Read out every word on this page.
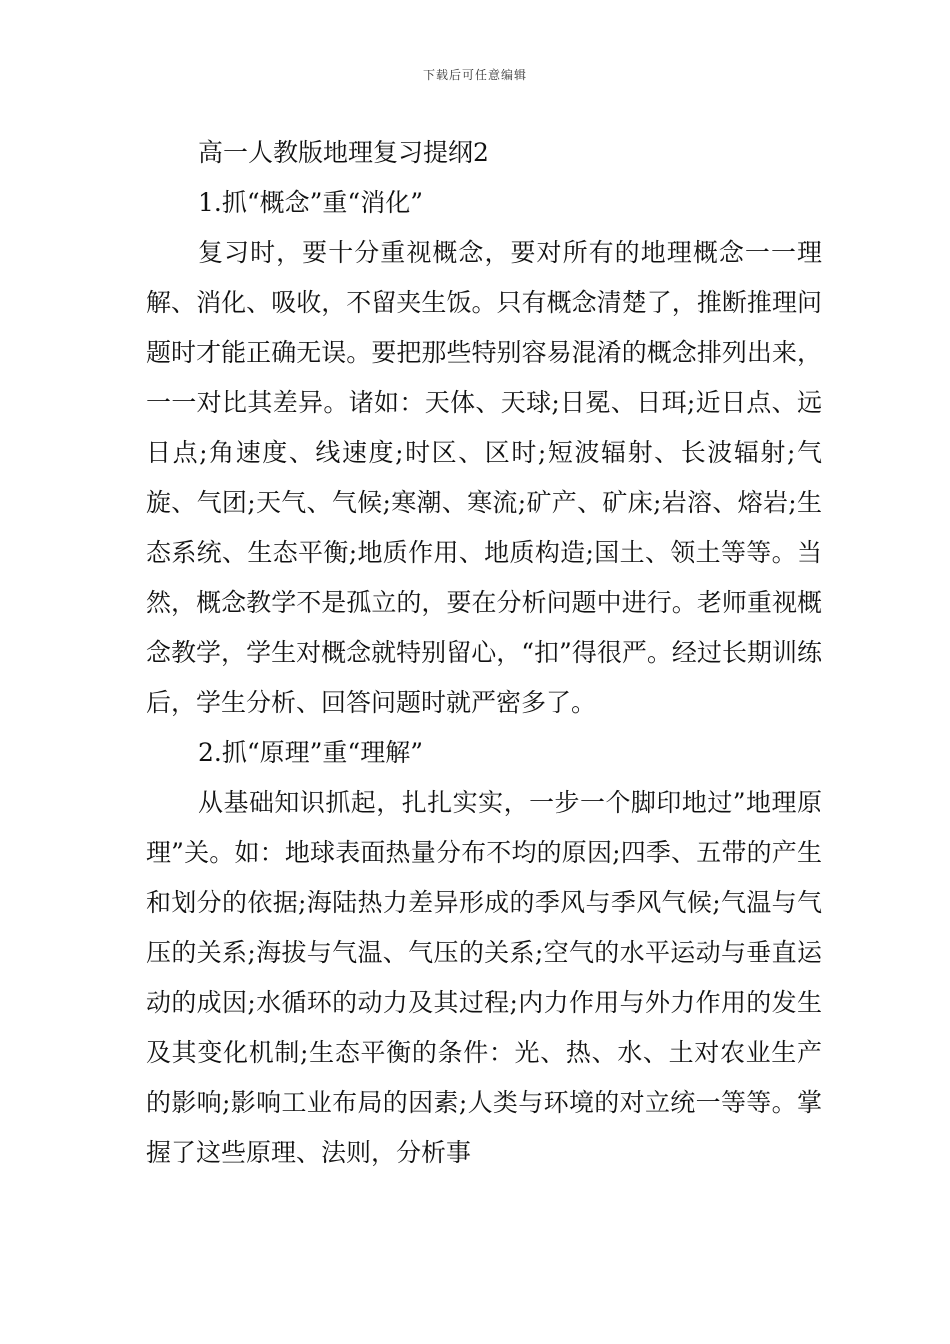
下载后可任意编辑

高一人教版地理复习提纲2

1.抓“概念”重“消化”

复习时，要十分重视概念，要对所有的地理概念一一理解、消化、吸收，不留夹生饭。只有概念清楚了，推断推理问题时才能正确无误。要把那些特别容易混淆的概念排列出来，一一对比其差异。诸如：天体、天球;日冕、日珥;近日点、远日点;角速度、线速度;时区、区时;短波辐射、长波辐射;气旋、气团;天气、气候;寒潮、寒流;矿产、矿床;岩溶、熔岩;生态系统、生态平衡;地质作用、地质构造;国土、领土等等。当然，概念教学不是孤立的，要在分析问题中进行。老师重视概念教学，学生对概念就特别留心，“扣”得很严。经过长期训练后，学生分析、回答问题时就严密多了。

2.抓“原理”重“理解”

从基础知识抓起，扎扎实实，一步一个脚印地过”地理原理”关。如：地球表面热量分布不均的原因;四季、五带的产生和划分的依据;海陆热力差异形成的季风与季风气候;气温与气压的关系;海拔与气温、气压的关系;空气的水平运动与垂直运动的成因;水循环的动力及其过程;内力作用与外力作用的发生及其变化机制;生态平衡的条件：光、热、水、土对农业生产的影响;影响工业布局的因素;人类与环境的对立统一等等。掌握了这些原理、法则，分析事
